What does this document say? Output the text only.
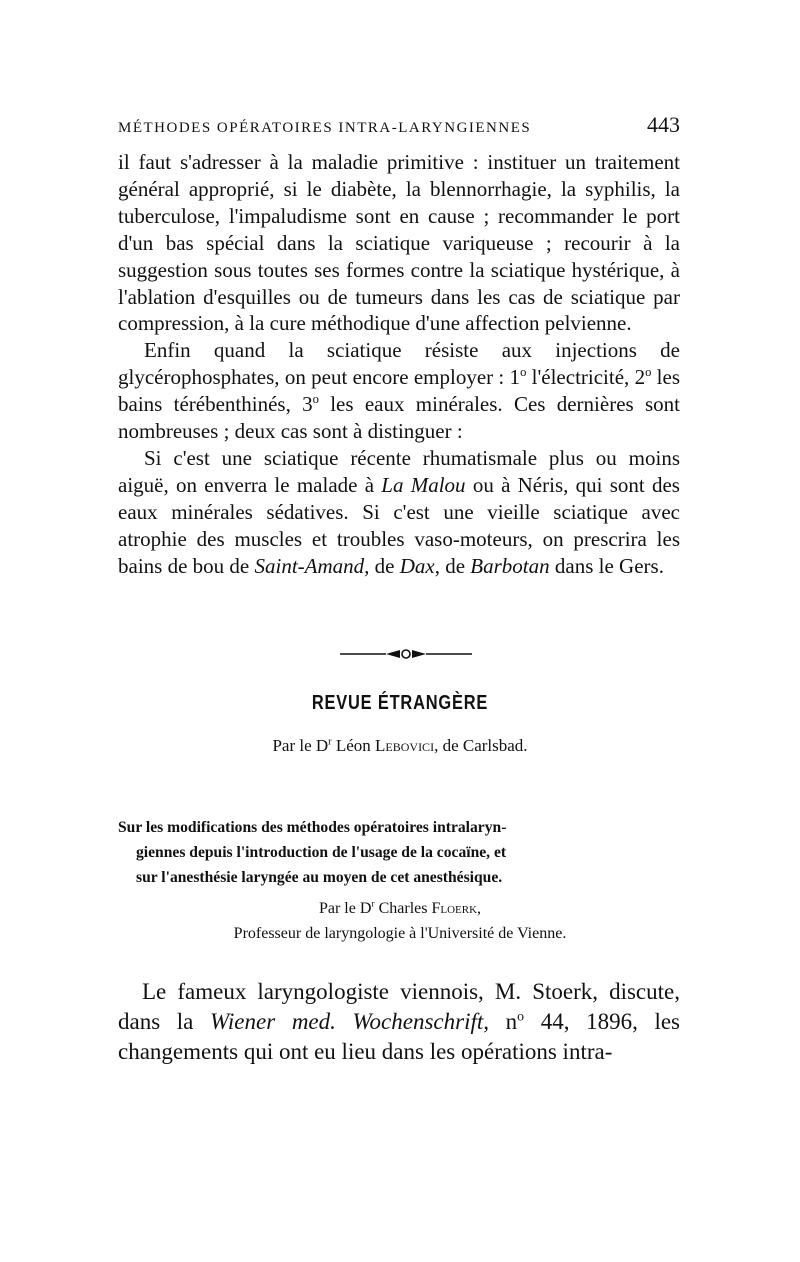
MÉTHODES OPÉRATOIRES INTRA-LARYNGIENNES	443

il faut s'adresser à la maladie primitive : instituer un traitement général approprié, si le diabète, la blennorrhagie, la syphilis, la tuberculose, l'impaludisme sont en cause ; recommander le port d'un bas spécial dans la sciatique variqueuse ; recourir à la suggestion sous toutes ses formes contre la sciatique hystérique, à l'ablation d'esquilles ou de tumeurs dans les cas de sciatique par compression, à la cure méthodique d'une affection pelvienne.

Enfin quand la sciatique résiste aux injections de glycérophosphates, on peut encore employer : 1$^o$ l'électricité, 2$^o$ les bains térébenthinés, 3$^o$ les eaux minérales. Ces dernières sont nombreuses ; deux cas sont à distinguer :

Si c'est une sciatique récente rhumatismale plus ou moins aiguë, on enverra le malade à La Malou ou à Néris, qui sont des eaux minérales sédatives. Si c'est une vieille sciatique avec atrophie des muscles et troubles vaso-moteurs, on prescrira les bains de bou de Saint-Amand, de Dax, de Barbotan dans le Gers.

REVUE ÉTRANGÈRE
Par le $D^r$ Léon Lebovici, de Carlsbad.
Sur les modifications des méthodes opératoires intralaryn-
giennes depuis l'introduction de l'usage de la cocaïne, et
sur l'anesthésie laryngée au moyen de cet anesthésique.
Par le $D^r$ Charles Floerk,
Professeur de laryngologie à l'Université de Vienne.

Le fameux laryngologiste viennois, M. Stoerk, discute, dans la Wiener med. Wochenschrift, $n^o$ 44, 1896, les changements qui ont eu lieu dans les opérations intra-
